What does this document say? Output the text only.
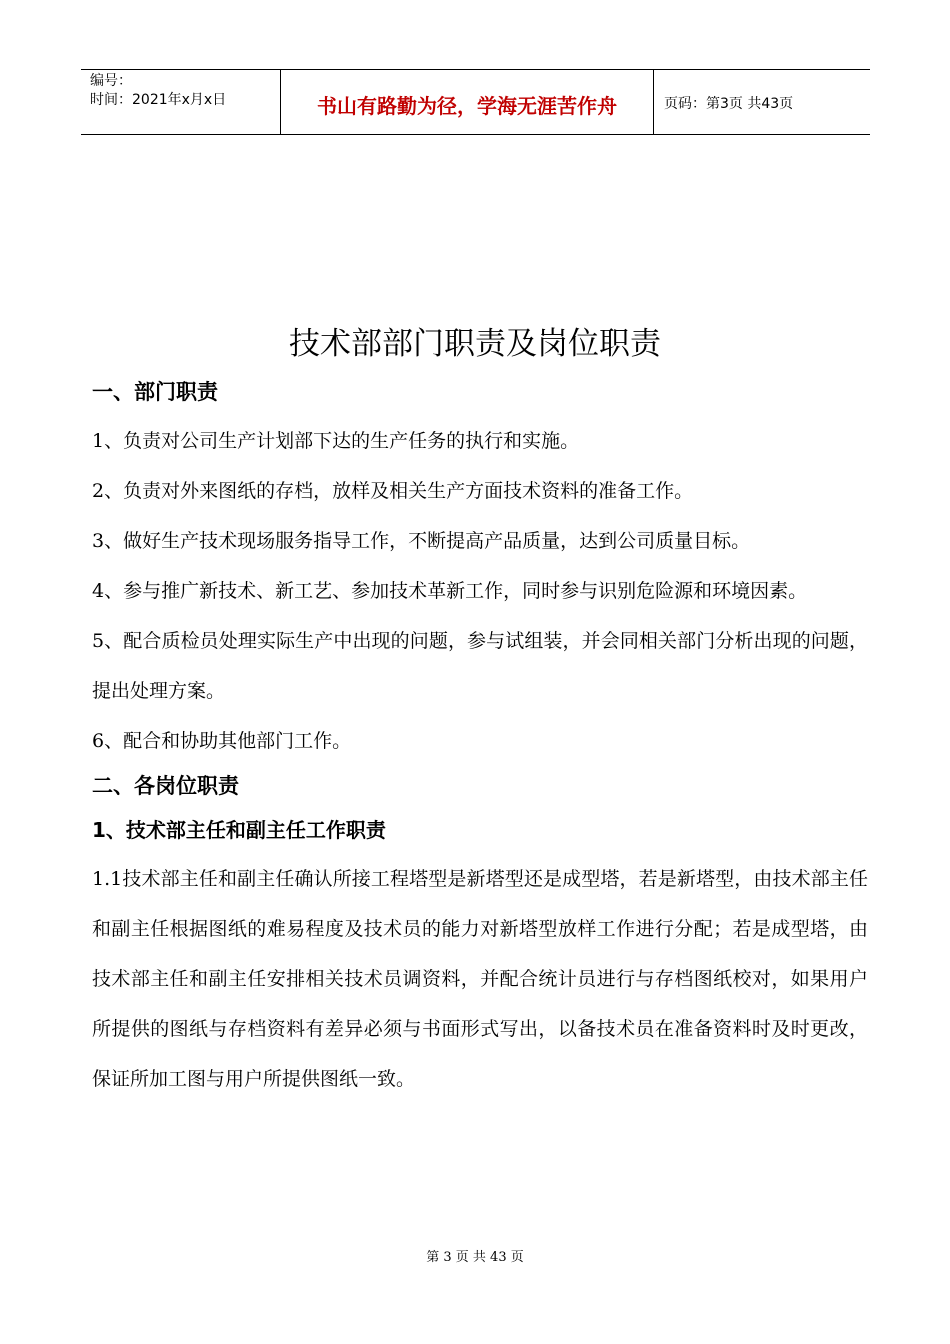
编号：
时间：2021年x月x日	书山有路勤为径，学海无涯苦作舟	页码：第3页 共43页
技术部部门职责及岗位职责

一、部门职责

1、负责对公司生产计划部下达的生产任务的执行和实施。

2、负责对外来图纸的存档，放样及相关生产方面技术资料的准备工作。

3、做好生产技术现场服务指导工作，不断提高产品质量，达到公司质量目标。

4、参与推广新技术、新工艺、参加技术革新工作，同时参与识别危险源和环境因素。

5、配合质检员处理实际生产中出现的问题，参与试组装，并会同相关部门分析出现的问题，提出处理方案。

6、配合和协助其他部门工作。

二、各岗位职责

1、技术部主任和副主任工作职责

1.1技术部主任和副主任确认所接工程塔型是新塔型还是成型塔，若是新塔型，由技术部主任和副主任根据图纸的难易程度及技术员的能力对新塔型放样工作进行分配；若是成型塔，由技术部主任和副主任安排相关技术员调资料，并配合统计员进行与存档图纸校对，如果用户所提供的图纸与存档资料有差异必须与书面形式写出，以备技术员在准备资料时及时更改，保证所加工图与用户所提供图纸一致。

第 3 页 共 43 页
